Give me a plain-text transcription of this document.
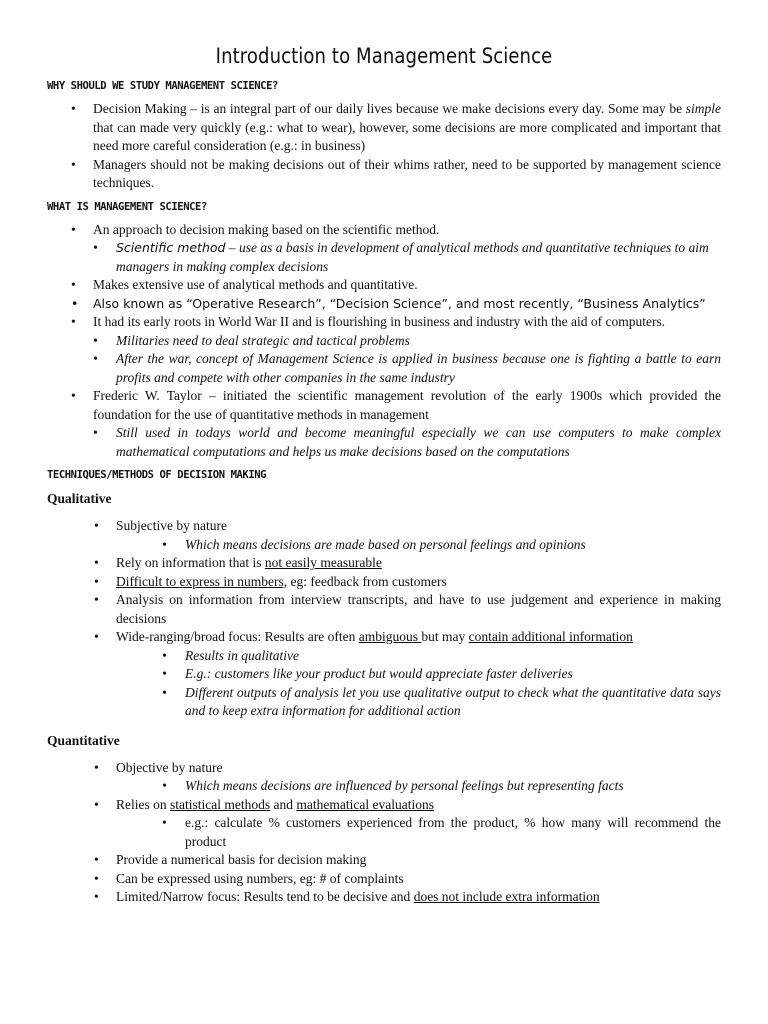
Introduction to Management Science
WHY SHOULD WE STUDY MANAGEMENT SCIENCE?
• Decision Making – is an integral part of our daily lives because we make decisions every day. Some may be simple that can made very quickly (e.g.: what to wear), however, some decisions are more complicated and important that need more careful consideration (e.g.: in business)
• Managers should not be making decisions out of their whims rather, need to be supported by management science techniques.
WHAT IS MANAGEMENT SCIENCE?
• An approach to decision making based on the scientific method.
• Scientific method – use as a basis in development of analytical methods and quantitative techniques to aim managers in making complex decisions
• Makes extensive use of analytical methods and quantitative.
• Also known as “Operative Research”, “Decision Science”, and most recently, “Business Analytics”
• It had its early roots in World War II and is flourishing in business and industry with the aid of computers.
• Militaries need to deal strategic and tactical problems
• After the war, concept of Management Science is applied in business because one is fighting a battle to earn profits and compete with other companies in the same industry
• Frederic W. Taylor – initiated the scientific management revolution of the early 1900s which provided the foundation for the use of quantitative methods in management
• Still used in todays world and become meaningful especially we can use computers to make complex mathematical computations and helps us make decisions based on the computations
TECHNIQUES/METHODS OF DECISION MAKING
Qualitative
• Subjective by nature
• Which means decisions are made based on personal feelings and opinions
• Rely on information that is not easily measurable
• Difficult to express in numbers, eg: feedback from customers
• Analysis on information from interview transcripts, and have to use judgement and experience in making decisions
• Wide-ranging/broad focus: Results are often ambiguous but may contain additional information
• Results in qualitative
• E.g.: customers like your product but would appreciate faster deliveries
• Different outputs of analysis let you use qualitative output to check what the quantitative data says and to keep extra information for additional action
Quantitative
• Objective by nature
• Which means decisions are influenced by personal feelings but representing facts
• Relies on statistical methods and mathematical evaluations
• e.g.: calculate % customers experienced from the product, % how many will recommend the product
• Provide a numerical basis for decision making
• Can be expressed using numbers, eg: # of complaints
• Limited/Narrow focus: Results tend to be decisive and does not include extra information
